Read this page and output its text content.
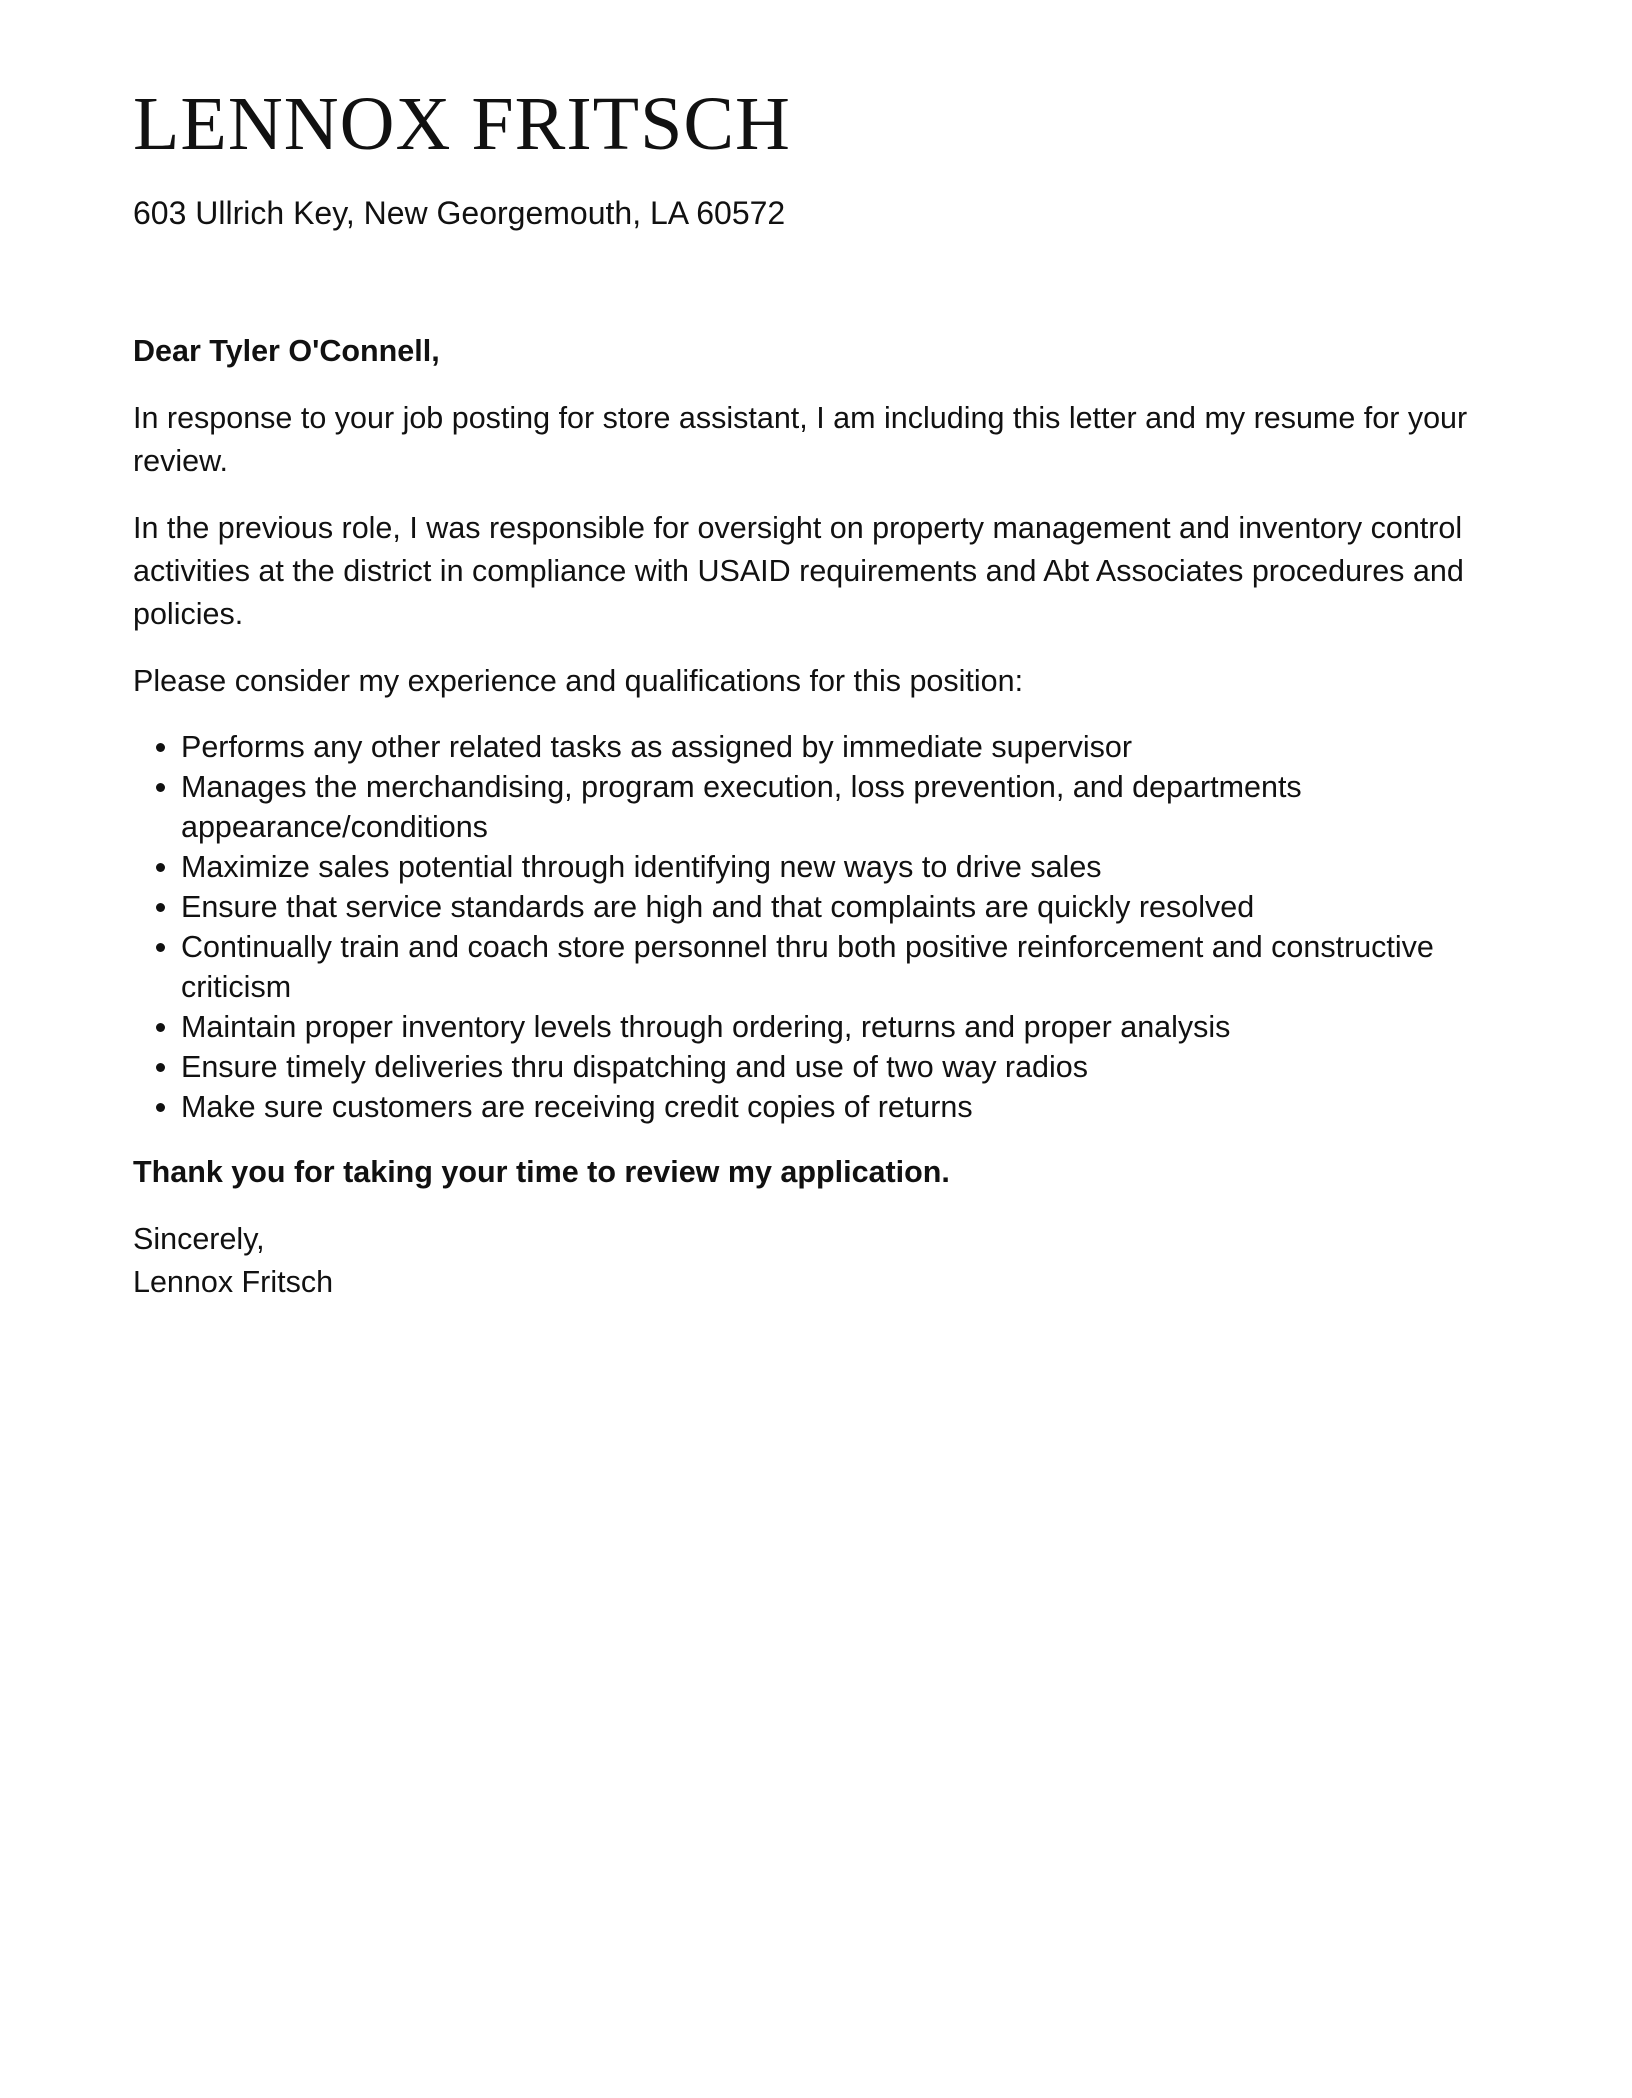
LENNOX FRITSCH

603 Ullrich Key, New Georgemouth, LA 60572

Dear Tyler O'Connell,

In response to your job posting for store assistant, I am including this letter and my resume for your review.

In the previous role, I was responsible for oversight on property management and inventory control activities at the district in compliance with USAID requirements and Abt Associates procedures and policies.

Please consider my experience and qualifications for this position:

• Performs any other related tasks as assigned by immediate supervisor
• Manages the merchandising, program execution, loss prevention, and departments appearance/conditions
• Maximize sales potential through identifying new ways to drive sales
• Ensure that service standards are high and that complaints are quickly resolved
• Continually train and coach store personnel thru both positive reinforcement and constructive criticism
• Maintain proper inventory levels through ordering, returns and proper analysis
• Ensure timely deliveries thru dispatching and use of two way radios
• Make sure customers are receiving credit copies of returns

Thank you for taking your time to review my application.

Sincerely,

Lennox Fritsch
